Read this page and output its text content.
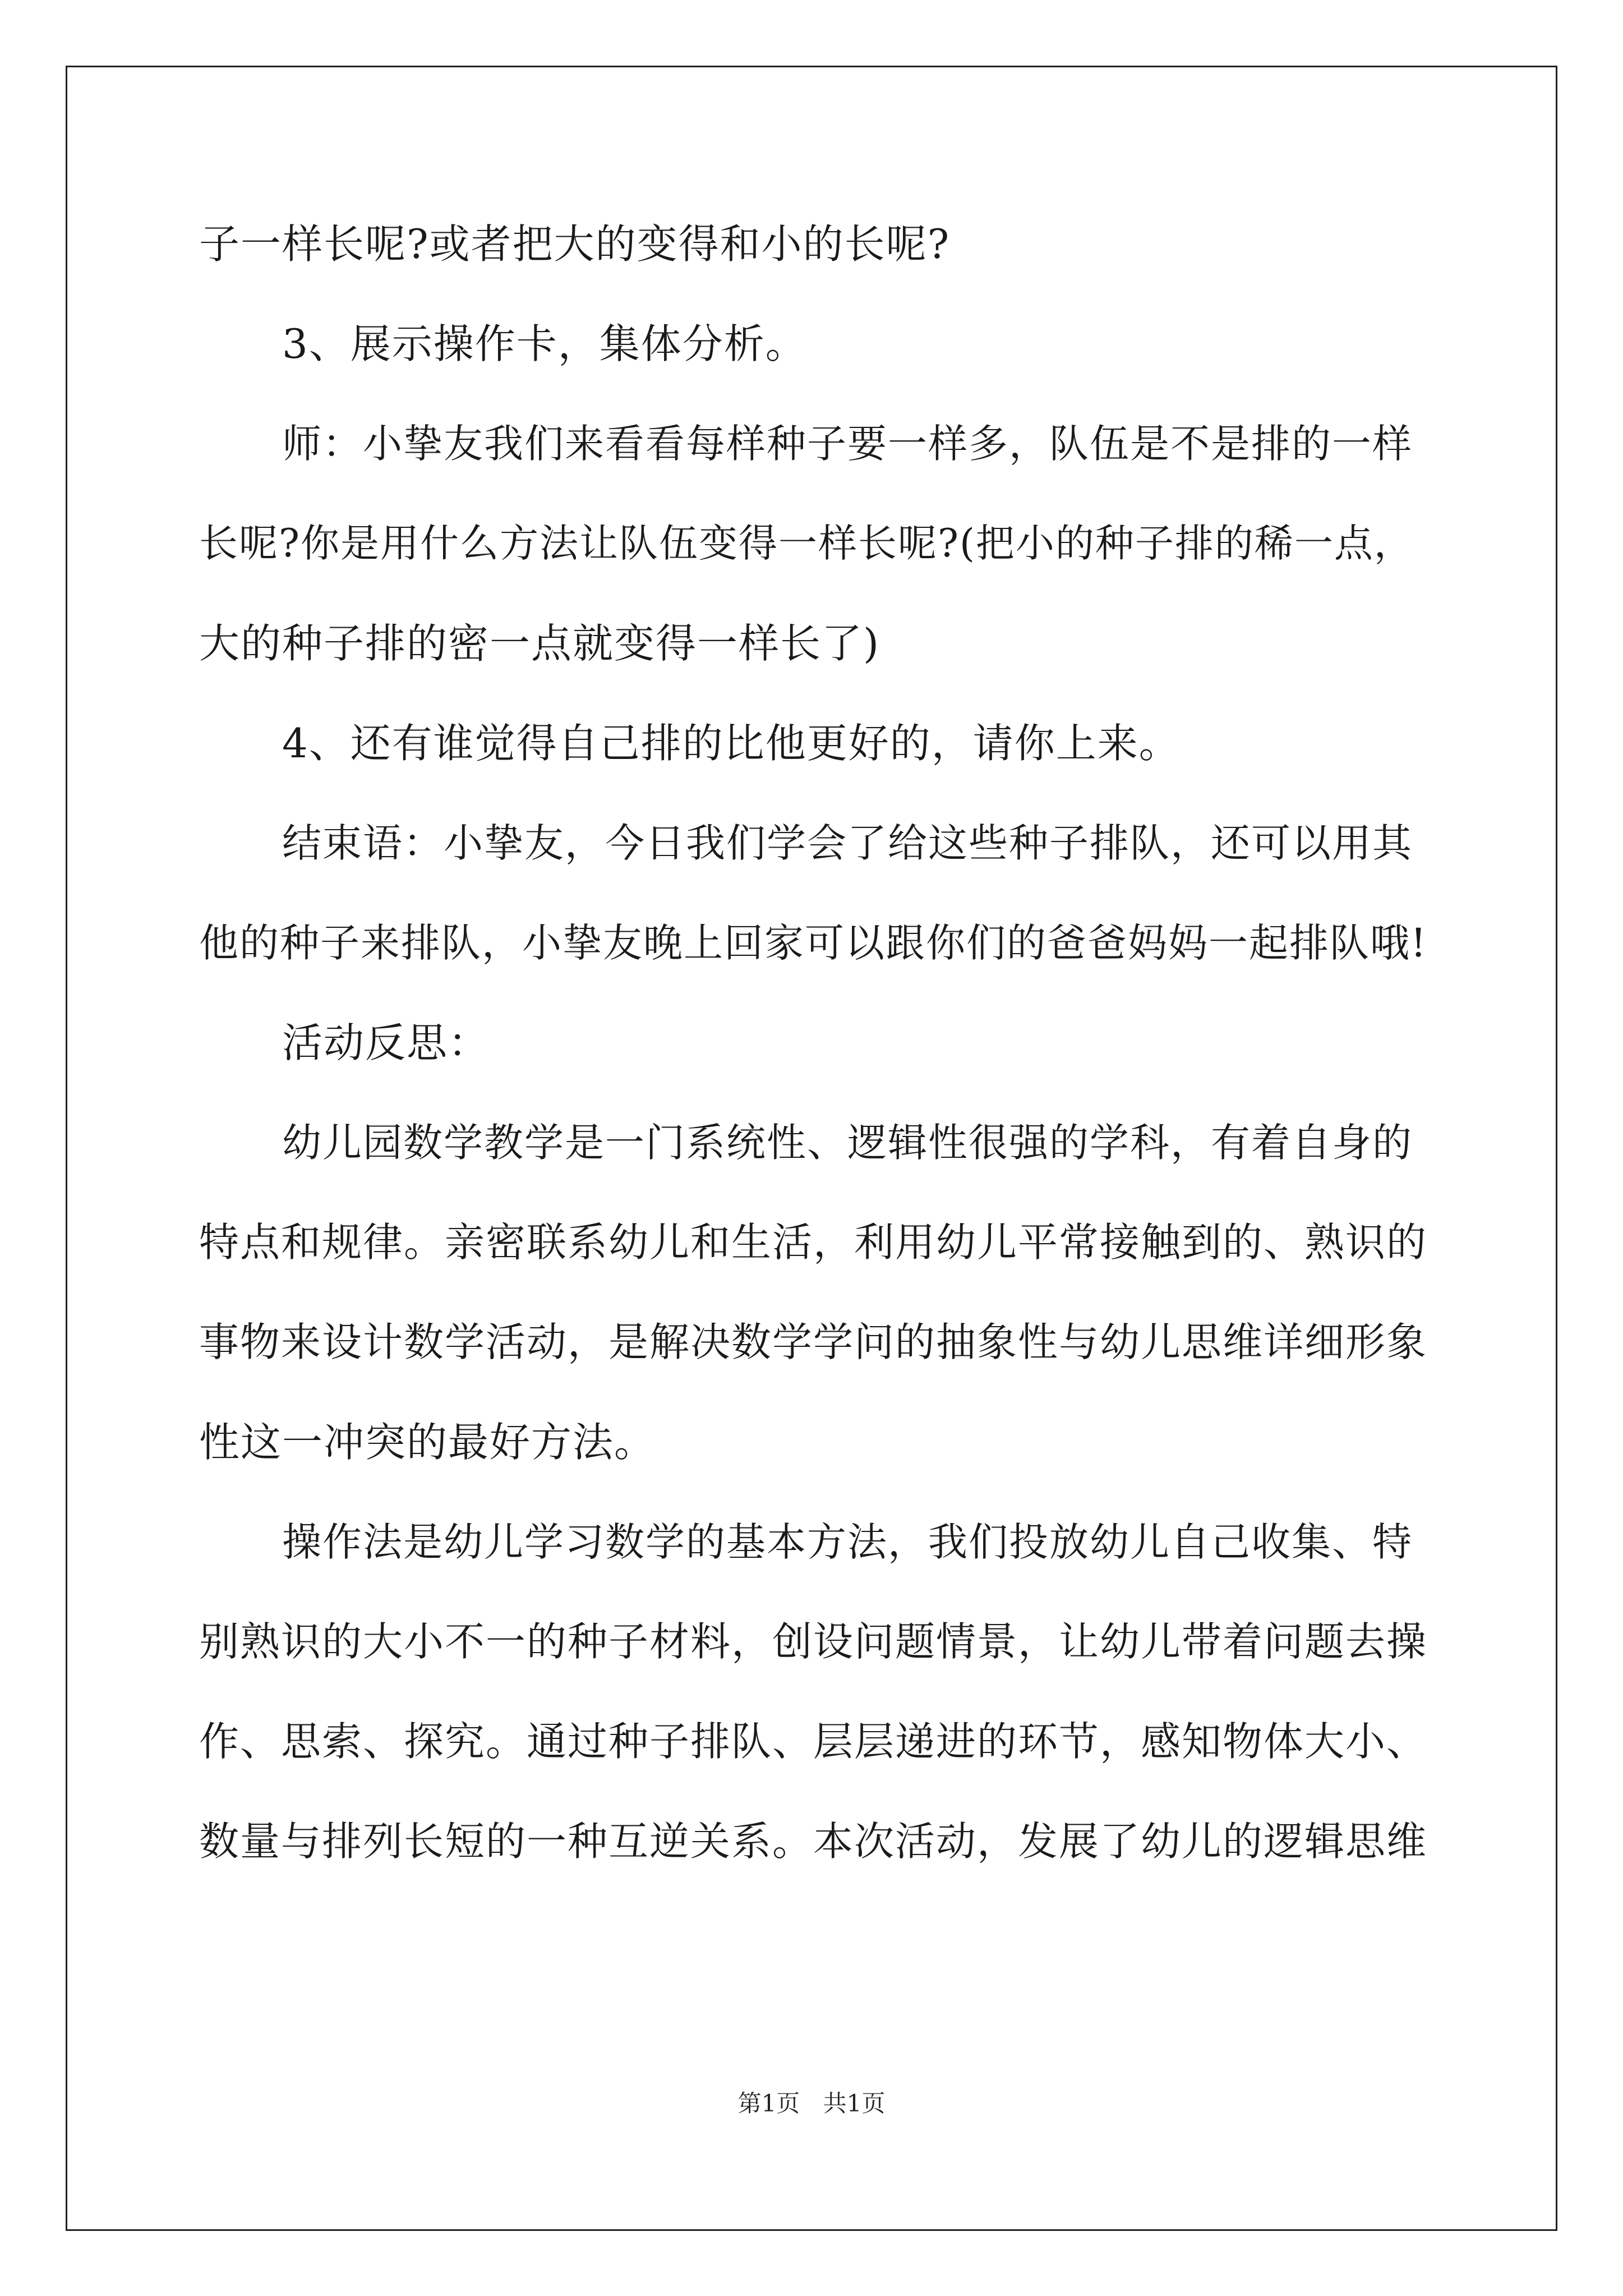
子一样长呢?或者把大的变得和小的长呢?
3、展示操作卡，集体分析。
师：小挚友我们来看看每样种子要一样多，队伍是不是排的一样
长呢?你是用什么方法让队伍变得一样长呢?(把小的种子排的稀一点，
大的种子排的密一点就变得一样长了)
4、还有谁觉得自己排的比他更好的，请你上来。
结束语：小挚友，今日我们学会了给这些种子排队，还可以用其
他的种子来排队，小挚友晚上回家可以跟你们的爸爸妈妈一起排队哦!
活动反思：
幼儿园数学教学是一门系统性、逻辑性很强的学科，有着自身的
特点和规律。亲密联系幼儿和生活，利用幼儿平常接触到的、熟识的
事物来设计数学活动，是解决数学学问的抽象性与幼儿思维详细形象
性这一冲突的最好方法。
操作法是幼儿学习数学的基本方法，我们投放幼儿自己收集、特
别熟识的大小不一的种子材料，创设问题情景，让幼儿带着问题去操
作、思索、探究。通过种子排队、层层递进的环节，感知物体大小、
数量与排列长短的一种互逆关系。本次活动，发展了幼儿的逻辑思维
第1页 共1页
